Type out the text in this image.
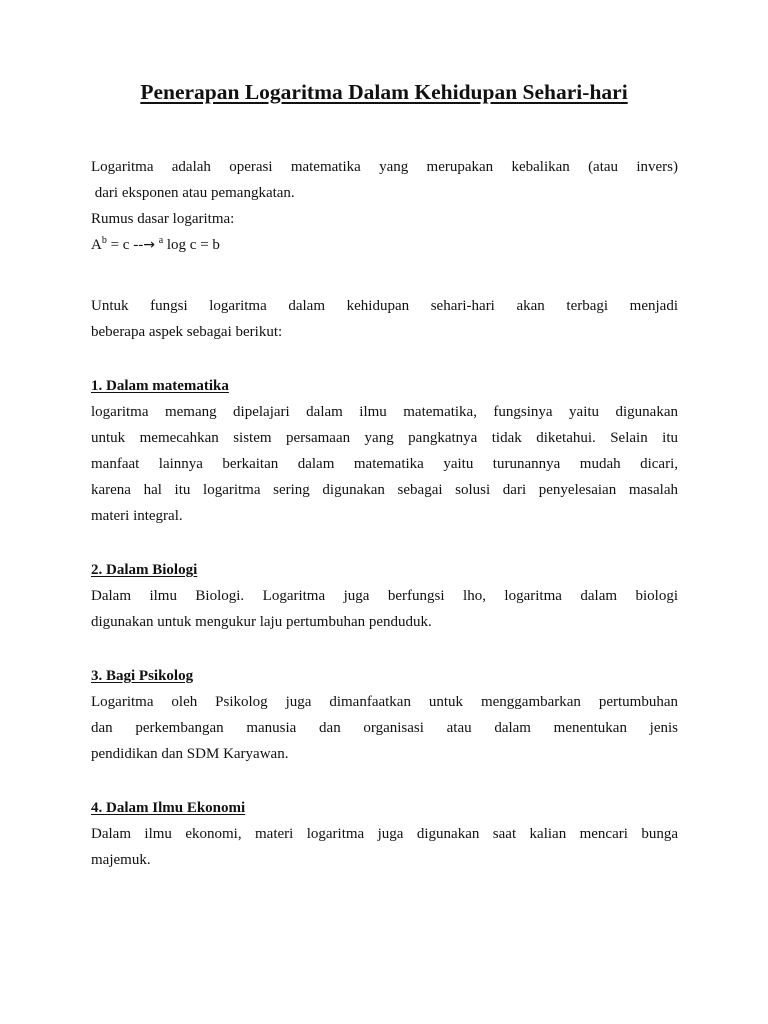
Penerapan Logaritma Dalam Kehidupan Sehari-hari
Logaritma adalah operasi matematika yang merupakan kebalikan (atau invers)
dari eksponen atau pemangkatan.
Rumus dasar logaritma:
$A^b = c$ --→ $^a$ log c = b
Untuk fungsi logaritma dalam kehidupan sehari-hari akan terbagi menjadi
beberapa aspek sebagai berikut:
1. Dalam matematika
logaritma memang dipelajari dalam ilmu matematika, fungsinya yaitu digunakan
untuk memecahkan sistem persamaan yang pangkatnya tidak diketahui. Selain itu
manfaat lainnya berkaitan dalam matematika yaitu turunannya mudah dicari,
karena hal itu logaritma sering digunakan sebagai solusi dari penyelesaian masalah
materi integral.
2. Dalam Biologi
Dalam ilmu Biologi. Logaritma juga berfungsi lho, logaritma dalam biologi
digunakan untuk mengukur laju pertumbuhan penduduk.
3. Bagi Psikolog
Logaritma oleh Psikolog juga dimanfaatkan untuk menggambarkan pertumbuhan
dan perkembangan manusia dan organisasi atau dalam menentukan jenis
pendidikan dan SDM Karyawan.
4. Dalam Ilmu Ekonomi
Dalam ilmu ekonomi, materi logaritma juga digunakan saat kalian mencari bunga
majemuk.
